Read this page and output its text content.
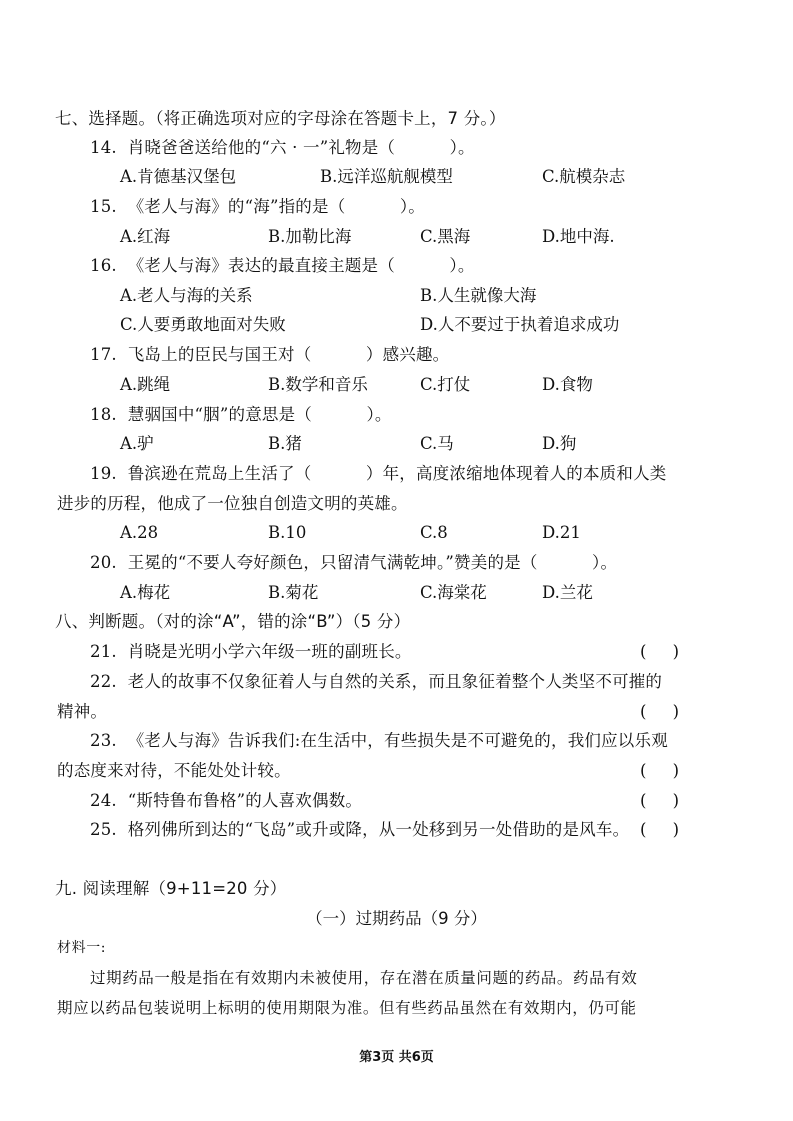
七、选择题。（将正确选项对应的字母涂在答题卡上，7 分。）
14.  肖晓爸爸送给他的“六 · 一”礼物是（          ）。
A.肯德基汉堡包	B.远洋巡航舰模型	C.航模杂志
15.  《老人与海》的“海”指的是（          ）。
A.红海	B.加勒比海	C.黑海	D.地中海.
16.  《老人与海》表达的最直接主题是（          ）。
A.老人与海的关系	B.人生就像大海
C.人要勇敢地面对失败	D.人不要过于执着追求成功
17.  飞岛上的臣民与国王对（          ）感兴趣。
A.跳绳	B.数学和音乐	C.打仗	D.食物
18.  慧骃国中“胭”的意思是（          ）。
A.驴	B.猪	C.马	D.狗
19.  鲁滨逊在荒岛上生活了（          ）年，高度浓缩地体现着人的本质和人类
进步的历程，他成了一位独自创造文明的英雄。
A.28	B.10	C.8	D.21
20.  王冕的“不要人夸好颜色，只留清气满乾坤。”赞美的是（          ）。
A.梅花	B.菊花	C.海棠花	D.兰花
八、判断题。（对的涂“A”，错的涂“B”）（5 分）
21.  肖晓是光明小学六年级一班的副班长。	(     )
22.  老人的故事不仅象征着人与自然的关系，而且象征着整个人类坚不可摧的
精神。	(     )
23.  《老人与海》告诉我们:在生活中，有些损失是不可避免的，我们应以乐观
的态度来对待，不能处处计较。	(     )
24.  “斯特鲁布鲁格”的人喜欢偶数。	(     )
25.  格列佛所到达的“飞岛”或升或降，从一处移到另一处借助的是风车。 (     )
九. 阅读理解（9+11=20 分）
（一）过期药品（9 分）
材料一:
过期药品一般是指在有效期内未被使用，存在潜在质量问题的药品。药品有效
期应以药品包装说明上标明的使用期限为准。但有些药品虽然在有效期内，仍可能
第3页 共6页
